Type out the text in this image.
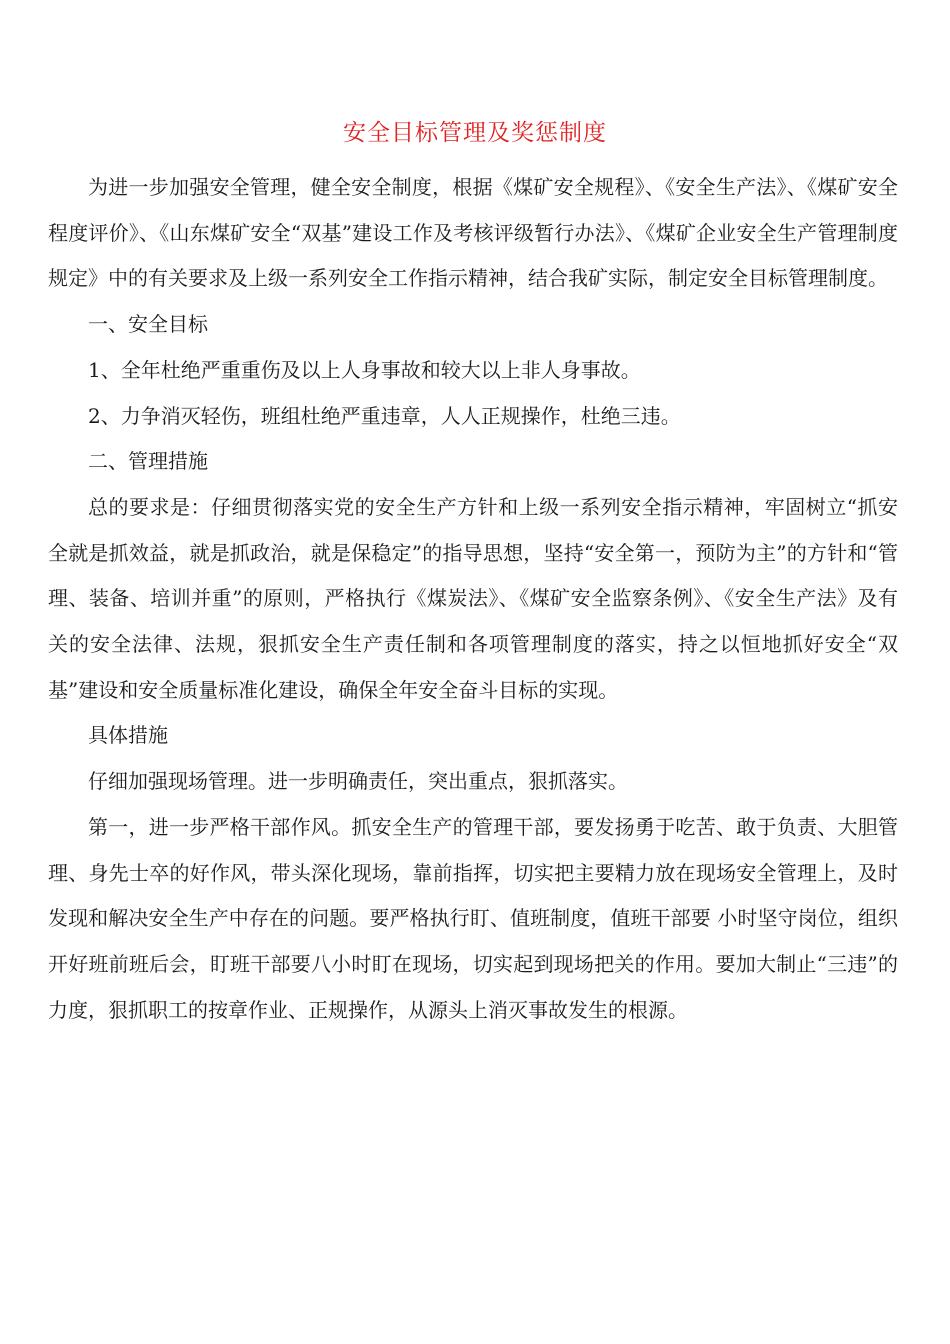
安全目标管理及奖惩制度

为进一步加强安全管理，健全安全制度，根据《煤矿安全规程》、《安全生产法》、《煤矿安全程度评价》、《山东煤矿安全“双基”建设工作及考核评级暂行办法》、《煤矿企业安全生产管理制度规定》中的有关要求及上级一系列安全工作指示精神，结合我矿实际，制定安全目标管理制度。

一、安全目标

1、全年杜绝严重重伤及以上人身事故和较大以上非人身事故。

2、力争消灭轻伤，班组杜绝严重违章，人人正规操作，杜绝三违。

二、管理措施

总的要求是：仔细贯彻落实党的安全生产方针和上级一系列安全指示精神，牢固树立“抓安全就是抓效益，就是抓政治，就是保稳定”的指导思想，坚持“安全第一，预防为主”的方针和“管理、装备、培训并重”的原则，严格执行《煤炭法》、《煤矿安全监察条例》、《安全生产法》及有关的安全法律、法规，狠抓安全生产责任制和各项管理制度的落实，持之以恒地抓好安全“双基”建设和安全质量标准化建设，确保全年安全奋斗目标的实现。

具体措施

仔细加强现场管理。进一步明确责任，突出重点，狠抓落实。

第一，进一步严格干部作风。抓安全生产的管理干部，要发扬勇于吃苦、敢于负责、大胆管理、身先士卒的好作风，带头深化现场，靠前指挥，切实把主要精力放在现场安全管理上，及时发现和解决安全生产中存在的问题。要严格执行盯、值班制度，值班干部要 小时坚守岗位，组织开好班前班后会，盯班干部要八小时盯在现场，切实起到现场把关的作用。要加大制止“三违”的力度，狠抓职工的按章作业、正规操作，从源头上消灭事故发生的根源。
